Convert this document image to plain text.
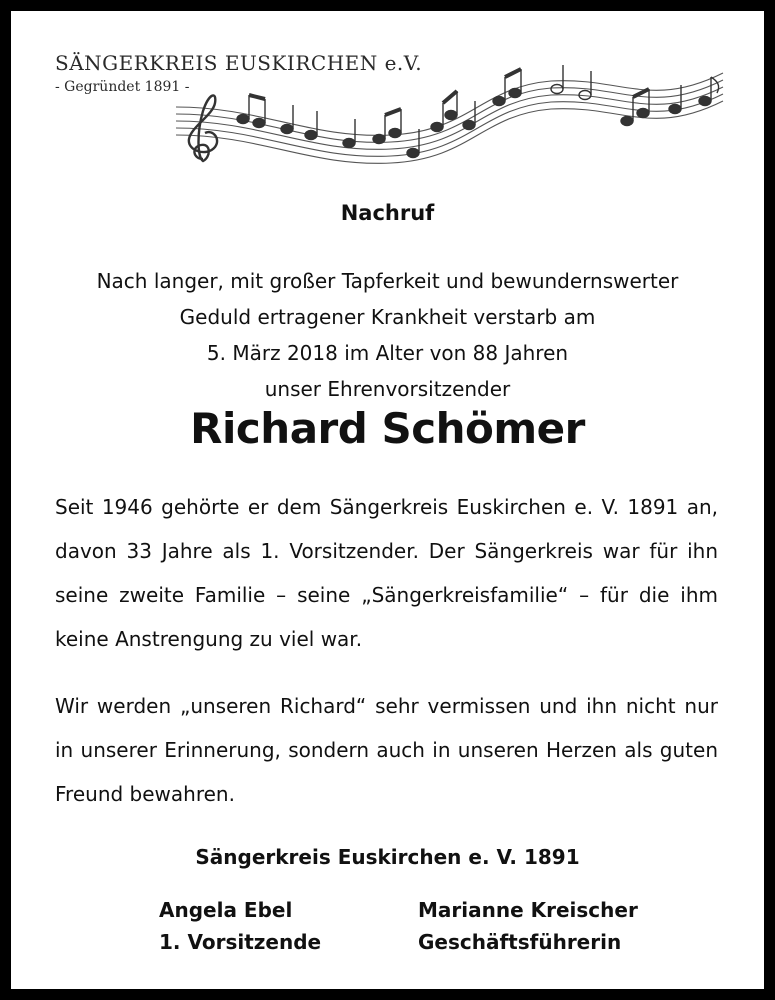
SÄNGERKREIS EUSKIRCHEN e.V.
- Gegründet 1891 -
Nachruf
Nach langer, mit großer Tapferkeit und bewundernswerter
Geduld ertragener Krankheit verstarb am
5. März 2018 im Alter von 88 Jahren
unser Ehrenvorsitzender
Richard Schömer
Seit 1946 gehörte er dem Sängerkreis Euskirchen e. V. 1891 an, davon 33 Jahre als 1. Vorsitzender. Der Sängerkreis war für ihn seine zweite Familie – seine „Sängerkreisfamilie“ – für die ihm keine Anstrengung zu viel war.
Wir werden „unseren Richard“ sehr vermissen und ihn nicht nur in unserer Erinnerung, sondern auch in unseren Herzen als guten Freund bewahren.
Sängerkreis Euskirchen e. V. 1891
Angela Ebel
1. Vorsitzende
Marianne Kreischer
Geschäftsführerin
